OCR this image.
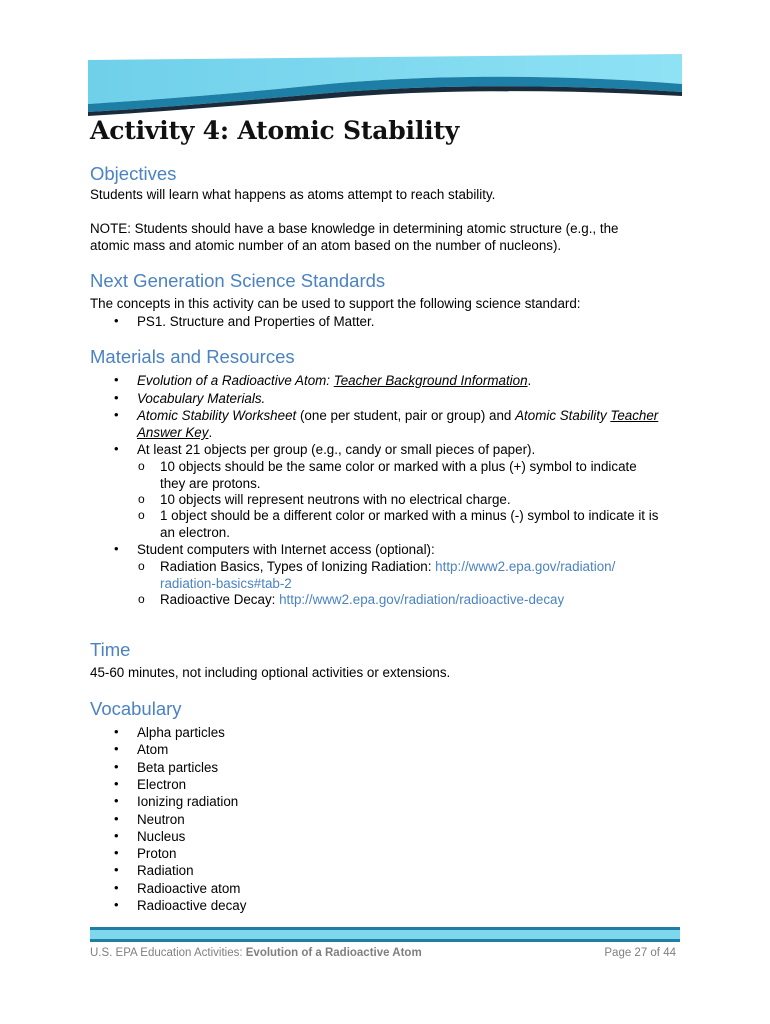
Activity 4: Atomic Stability
Objectives
Students will learn what happens as atoms attempt to reach stability.
NOTE: Students should have a base knowledge in determining atomic structure (e.g., the atomic mass and atomic number of an atom based on the number of nucleons).
Next Generation Science Standards
The concepts in this activity can be used to support the following science standard:
• PS1. Structure and Properties of Matter.
Materials and Resources
• Evolution of a Radioactive Atom: Teacher Background Information.
• Vocabulary Materials.
• Atomic Stability Worksheet (one per student, pair or group) and Atomic Stability Teacher
Answer Key.
• At least 21 objects per group (e.g., candy or small pieces of paper).
o 10 objects should be the same color or marked with a plus (+) symbol to indicate
they are protons.
o 10 objects will represent neutrons with no electrical charge.
o 1 object should be a different color or marked with a minus (-) symbol to indicate it is
an electron.
• Student computers with Internet access (optional):
o Radiation Basics, Types of Ionizing Radiation: http://www2.epa.gov/radiation/
radiation-basics#tab-2
o Radioactive Decay: http://www2.epa.gov/radiation/radioactive-decay
Time
45-60 minutes, not including optional activities or extensions.
Vocabulary
• Alpha particles
• Atom
• Beta particles
• Electron
• Ionizing radiation
• Neutron
• Nucleus
• Proton
• Radiation
• Radioactive atom
• Radioactive decay
U.S. EPA Education Activities: Evolution of a Radioactive Atom	Page 27 of 44
